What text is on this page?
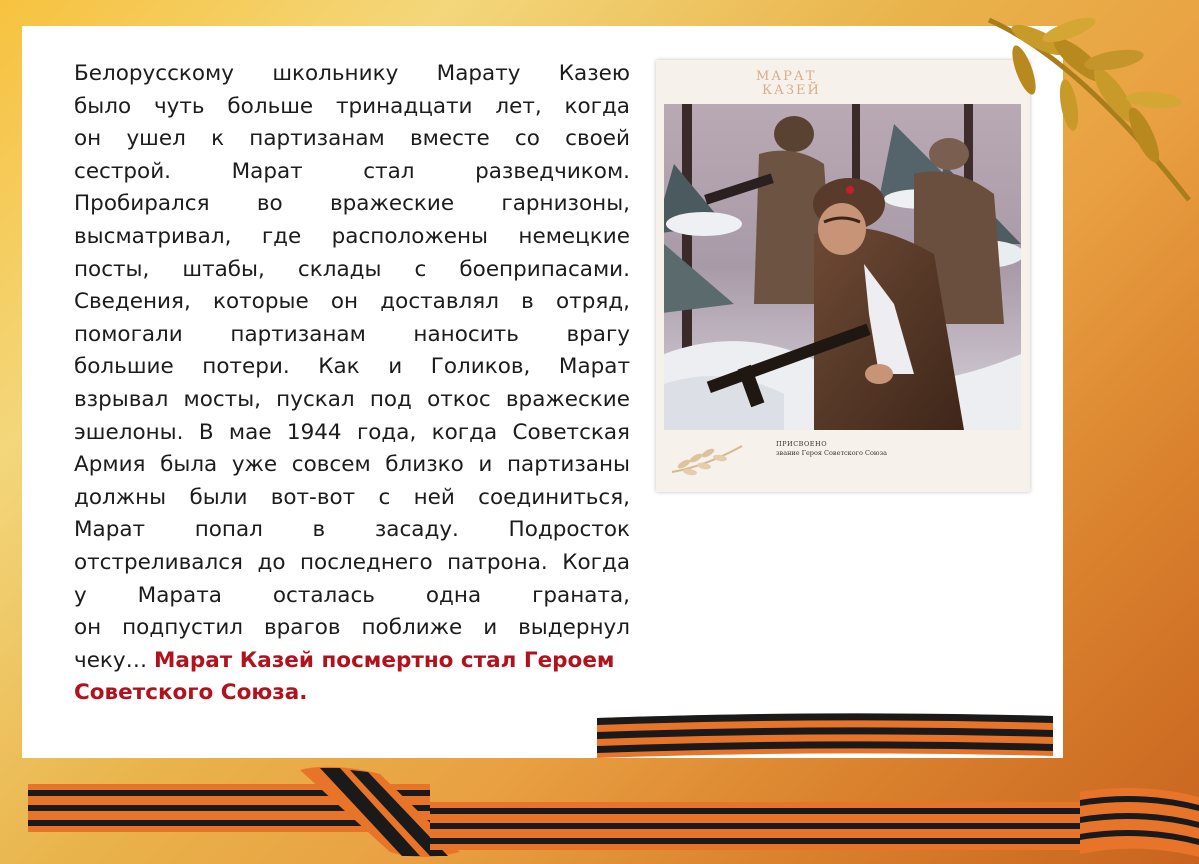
Белорусскому школьнику Марату Казею
было чуть больше тринадцати лет, когда
он ушел к партизанам вместе со своей
сестрой. Марат стал разведчиком.
Пробирался во вражеские гарнизоны,
высматривал, где расположены немецкие
посты, штабы, склады с боеприпасами.
Сведения, которые он доставлял в отряд,
помогали партизанам наносить врагу
большие потери. Как и Голиков, Марат
взрывал мосты, пускал под откос вражеские
эшелоны. В мае 1944 года, когда Советская
Армия была уже совсем близко и партизаны
должны были вот-вот с ней соединиться,
Марат попал в засаду. Подросток
отстреливался до последнего патрона. Когда
у Марата осталась одна граната,
он подпустил врагов поближе и выдернул
чеку… Марат Казей посмертно стал Героем
Советского Союза.
МАРАТ
КАЗЕЙ
ПРИСВОЕНО
звание Героя Советского Союза
